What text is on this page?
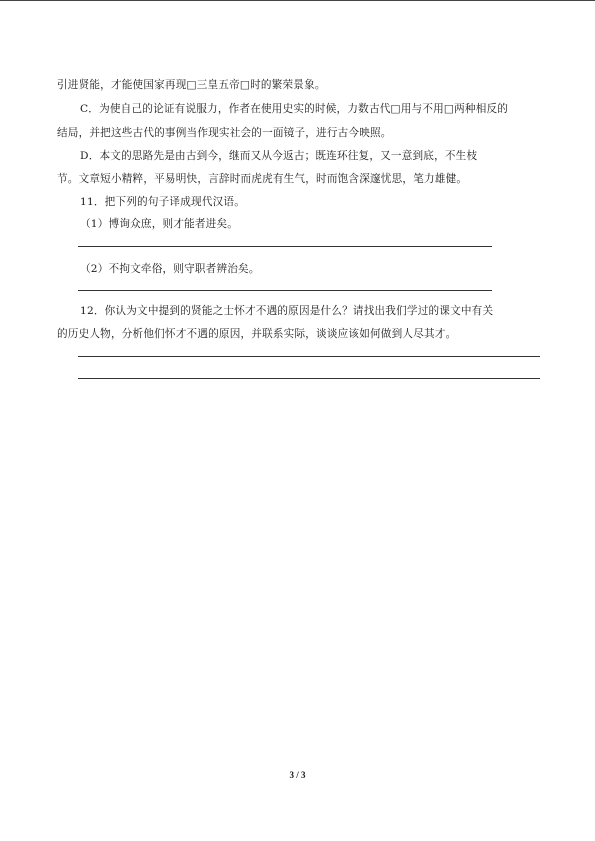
引进贤能，才能使国家再现□三皇五帝□时的繁荣景象。
C．为使自己的论证有说服力，作者在使用史实的时候，力数古代□用与不用□两种相反的
结局，并把这些古代的事例当作现实社会的一面镜子，进行古今映照。
D．本文的思路先是由古到今，继而又从今返古；既连环往复，又一意到底，不生枝
节。文章短小精粹，平易明快，言辞时而虎虎有生气，时而饱含深邃忧思，笔力雄健。
11．把下列的句子译成现代汉语。
（1）博询众庶，则才能者进矣。
（2）不拘文牵俗，则守职者辨治矣。
12．你认为文中提到的贤能之士怀才不遇的原因是什么？请找出我们学过的课文中有关
的历史人物，分析他们怀才不遇的原因，并联系实际，谈谈应该如何做到人尽其才。
3 / 3
